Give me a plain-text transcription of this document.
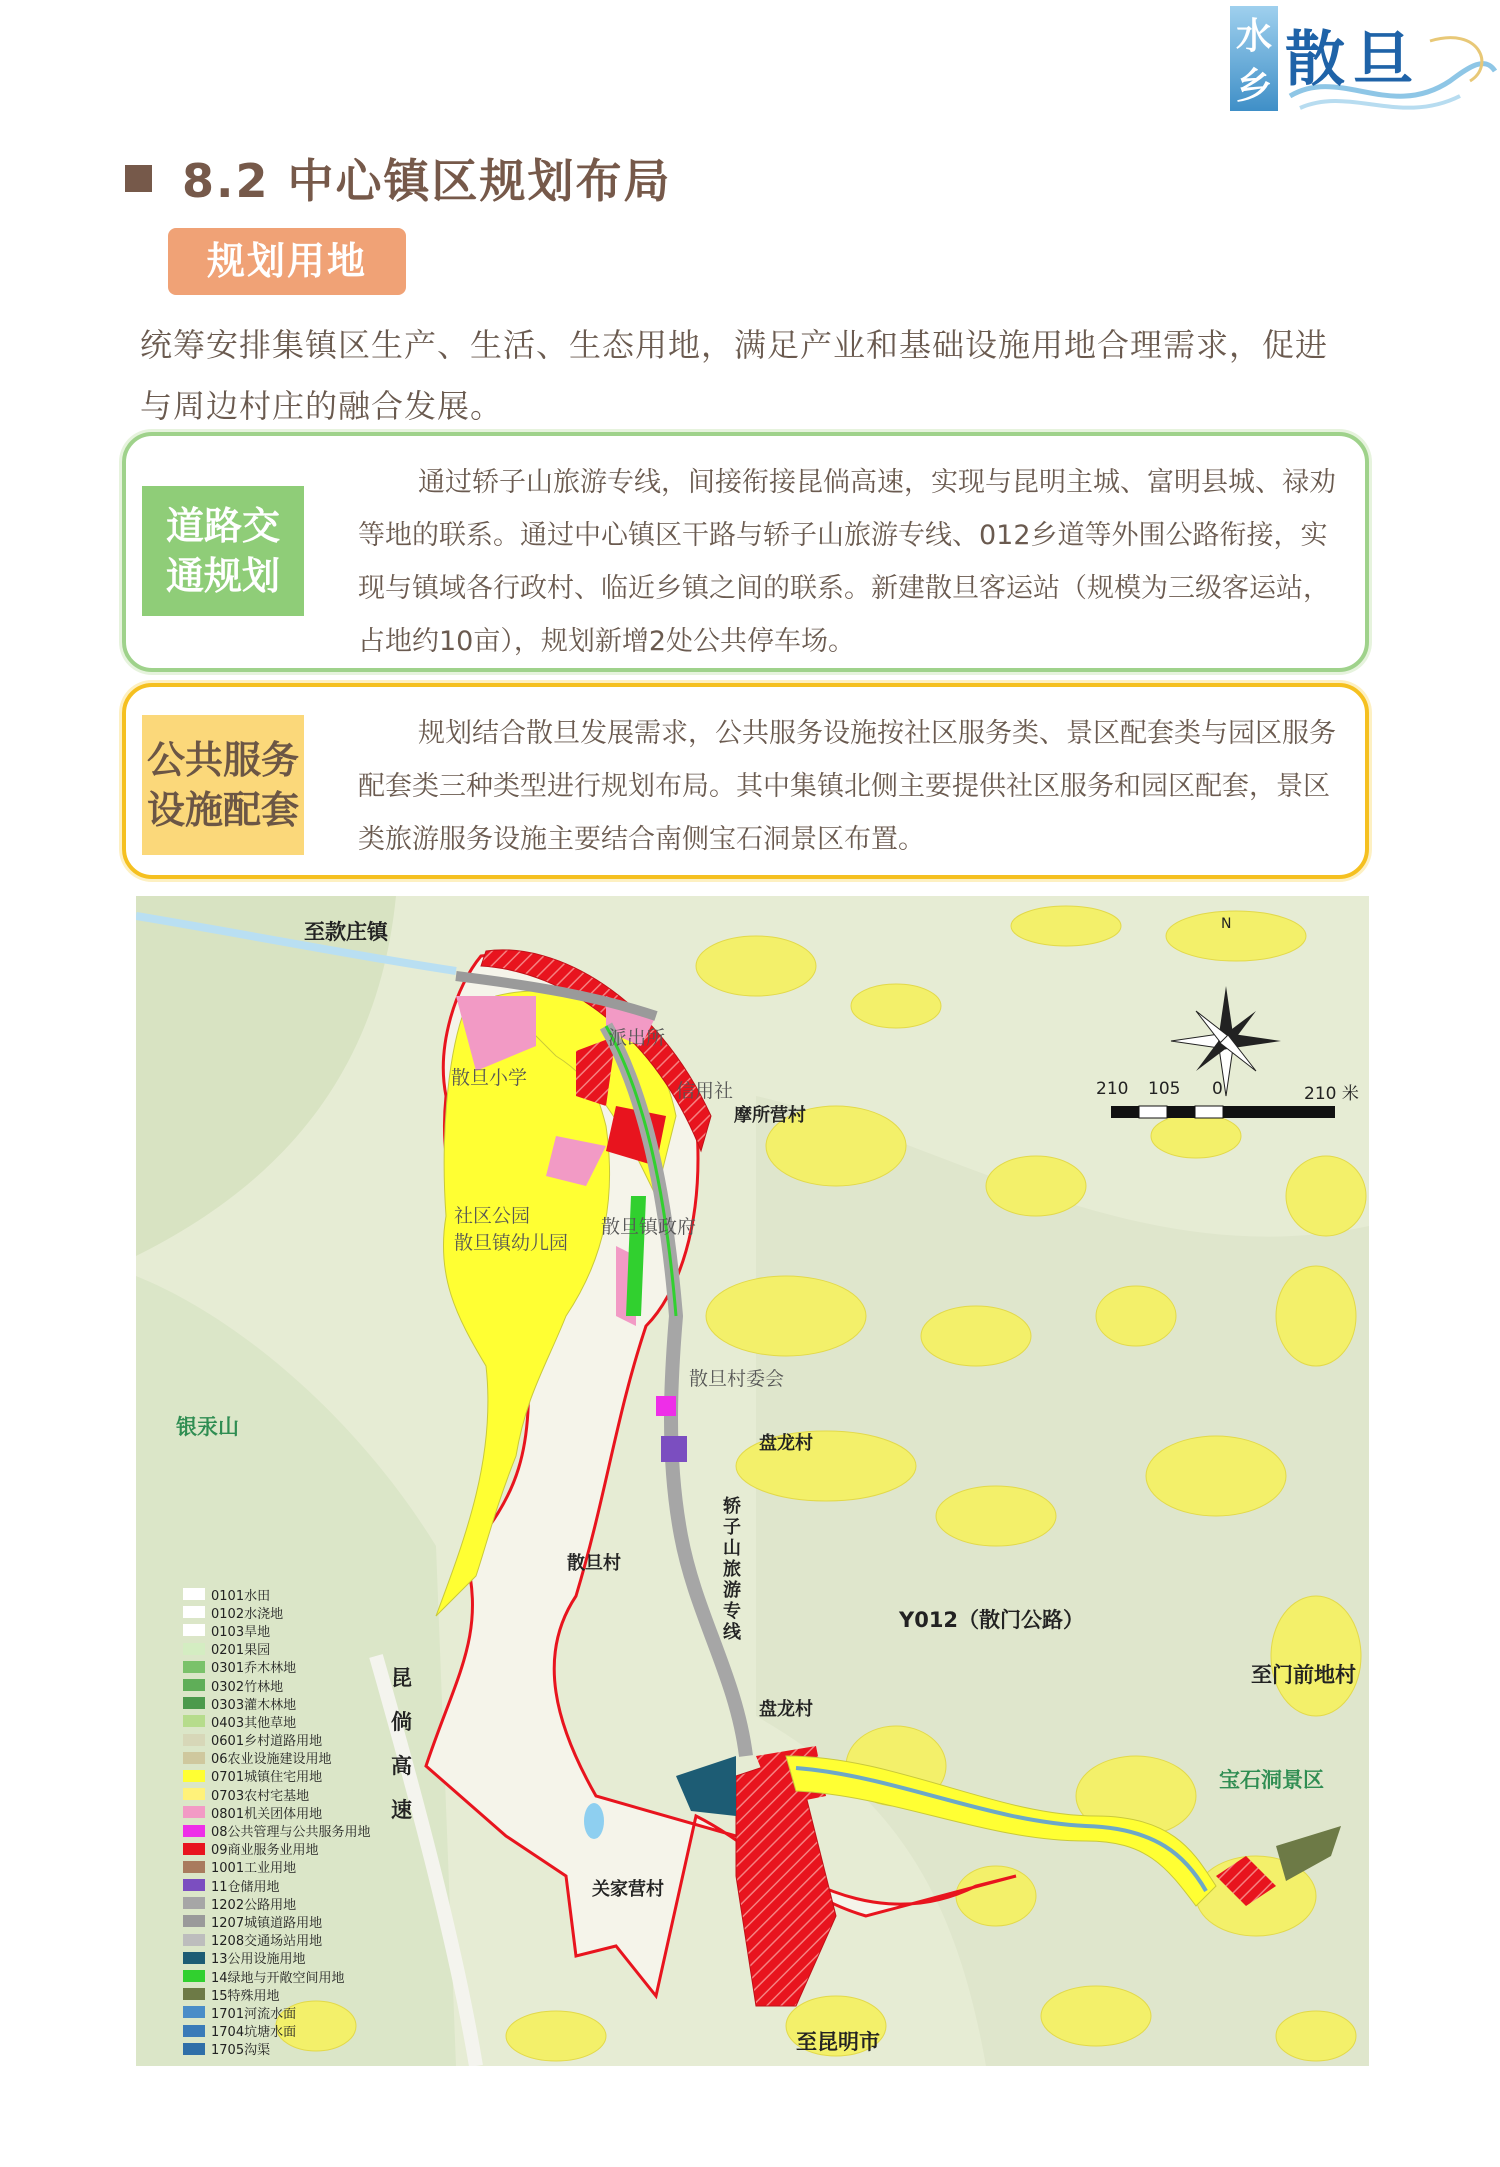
水
乡 散旦
8.2 中心镇区规划布局
规划用地
统筹安排集镇区生产、生活、生态用地，满足产业和基础设施用地合理需求，促进与周边村庄的融合发展。
道路交通规划
通过轿子山旅游专线，间接衔接昆倘高速，实现与昆明主城、富明县城、禄劝等地的联系。通过中心镇区干路与轿子山旅游专线、012乡道等外围公路衔接，实现与镇域各行政村、临近乡镇之间的联系。新建散旦客运站（规模为三级客运站，占地约10亩），规划新增2处公共停车场。
公共服务设施配套
规划结合散旦发展需求，公共服务设施按社区服务类、景区配套类与园区服务配套类三种类型进行规划布局。其中集镇北侧主要提供社区服务和园区配套，景区类旅游服务设施主要结合南侧宝石洞景区布置。
至款庄镇
派出所
散旦小学
信用社
摩所营村
社区公园	散旦镇政府
散旦镇幼儿园
散旦村委会
银汞山
盘龙村
轿子山旅游专线
散旦村
Y012（散门公路）
昆倘高速
至门前地村
盘龙村
宝石洞景区
关家营村
至昆明市
N
210 105 0	210 米
0101水田
0102水浇地
0103旱地
0201果园
0301乔木林地
0302竹林地
0303灌木林地
0403其他草地
0601乡村道路用地
06农业设施建设用地
0701城镇住宅用地
0703农村宅基地
0801机关团体用地
08公共管理与公共服务用地
09商业服务业用地
1001工业用地
11仓储用地
1202公路用地
1207城镇道路用地
1208交通场站用地
13公用设施用地
14绿地与开敞空间用地
15特殊用地
1701河流水面
1704坑塘水面
1705沟渠
